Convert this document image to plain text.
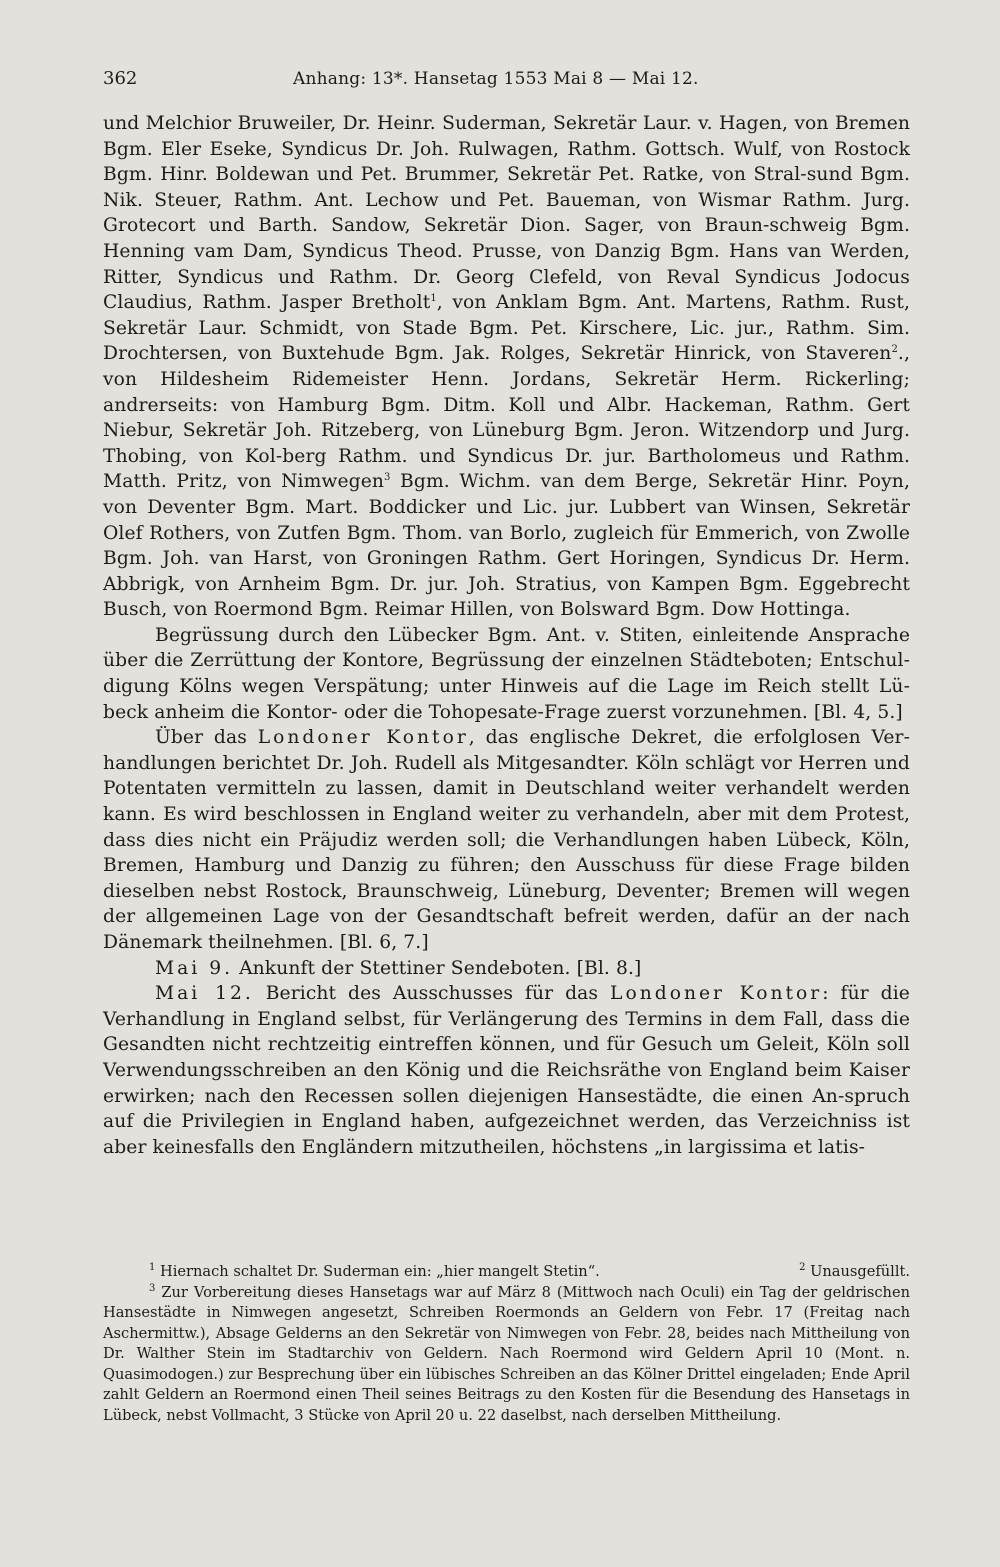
362	Anhang: 13*. Hansetag 1553 Mai 8 — Mai 12.

und Melchior Bruweiler, Dr. Heinr. Suderman, Sekretär Laur. v. Hagen, von Bremen Bgm. Eler Eseke, Syndicus Dr. Joh. Rulwagen, Rathm. Gottsch. Wulf, von Rostock Bgm. Hinr. Boldewan und Pet. Brummer, Sekretär Pet. Ratke, von Stral-sund Bgm. Nik. Steuer, Rathm. Ant. Lechow und Pet. Baueman, von Wismar Rathm. Jurg. Grotecort und Barth. Sandow, Sekretär Dion. Sager, von Braun-schweig Bgm. Henning vam Dam, Syndicus Theod. Prusse, von Danzig Bgm. Hans van Werden, Ritter, Syndicus und Rathm. Dr. Georg Clefeld, von Reval Syndicus Jodocus Claudius, Rathm. Jasper Bretholt$^1$, von Anklam Bgm. Ant. Martens, Rathm. Rust, Sekretär Laur. Schmidt, von Stade Bgm. Pet. Kirschere, Lic. jur., Rathm. Sim. Drochtersen, von Buxtehude Bgm. Jak. Rolges, Sekretär Hinrick, von Staveren$^2$., von Hildesheim Ridemeister Henn. Jordans, Sekretär Herm. Rickerling; andrerseits: von Hamburg Bgm. Ditm. Koll und Albr. Hackeman, Rathm. Gert Niebur, Sekretär Joh. Ritzeberg, von Lüneburg Bgm. Jeron. Witzendorp und Jurg. Thobing, von Kol-berg Rathm. und Syndicus Dr. jur. Bartholomeus und Rathm. Matth. Pritz, von Nimwegen$^3$ Bgm. Wichm. van dem Berge, Sekretär Hinr. Poyn, von Deventer Bgm. Mart. Boddicker und Lic. jur. Lubbert van Winsen, Sekretär Olef Rothers, von Zutfen Bgm. Thom. van Borlo, zugleich für Emmerich, von Zwolle Bgm. Joh. van Harst, von Groningen Rathm. Gert Horingen, Syndicus Dr. Herm. Abbrigk, von Arnheim Bgm. Dr. jur. Joh. Stratius, von Kampen Bgm. Eggebrecht Busch, von Roermond Bgm. Reimar Hillen, von Bolsward Bgm. Dow Hottinga.

Begrüssung durch den Lübecker Bgm. Ant. v. Stiten, einleitende Ansprache über die Zerrüttung der Kontore, Begrüssung der einzelnen Städteboten; Entschul-digung Kölns wegen Verspätung; unter Hinweis auf die Lage im Reich stellt Lü-beck anheim die Kontor- oder die Tohopesate-Frage zuerst vorzunehmen. [Bl. 4, 5.]

Über das Londoner Kontor, das englische Dekret, die erfolglosen Ver-handlungen berichtet Dr. Joh. Rudell als Mitgesandter. Köln schlägt vor Herren und Potentaten vermitteln zu lassen, damit in Deutschland weiter verhandelt werden kann. Es wird beschlossen in England weiter zu verhandeln, aber mit dem Protest, dass dies nicht ein Präjudiz werden soll; die Verhandlungen haben Lübeck, Köln, Bremen, Hamburg und Danzig zu führen; den Ausschuss für diese Frage bilden dieselben nebst Rostock, Braunschweig, Lüneburg, Deventer; Bremen will wegen der allgemeinen Lage von der Gesandtschaft befreit werden, dafür an der nach Dänemark theilnehmen. [Bl. 6, 7.]

Mai 9. Ankunft der Stettiner Sendeboten. [Bl. 8.]

Mai 12. Bericht des Ausschusses für das Londoner Kontor: für die Verhandlung in England selbst, für Verlängerung des Termins in dem Fall, dass die Gesandten nicht rechtzeitig eintreffen können, und für Gesuch um Geleit, Köln soll Verwendungsschreiben an den König und die Reichsräthe von England beim Kaiser erwirken; nach den Recessen sollen diejenigen Hansestädte, die einen An-spruch auf die Privilegien in England haben, aufgezeichnet werden, das Verzeichniss ist aber keinesfalls den Engländern mitzutheilen, höchstens „in largissima et latis-

$^1$ Hiernach schaltet Dr. Suderman ein: „hier mangelt Stetin“.	$^2$ Unausgefüllt.

$^3$ Zur Vorbereitung dieses Hansetags war auf März 8 (Mittwoch nach Oculi) ein Tag der geldrischen Hansestädte in Nimwegen angesetzt, Schreiben Roermonds an Geldern von Febr. 17 (Freitag nach Aschermittw.), Absage Gelderns an den Sekretär von Nimwegen von Febr. 28, beides nach Mittheilung von Dr. Walther Stein im Stadtarchiv von Geldern. Nach Roermond wird Geldern April 10 (Mont. n. Quasimodogen.) zur Besprechung über ein lübisches Schreiben an das Kölner Drittel eingeladen; Ende April zahlt Geldern an Roermond einen Theil seines Beitrags zu den Kosten für die Besendung des Hansetags in Lübeck, nebst Vollmacht, 3 Stücke von April 20 u. 22 daselbst, nach derselben Mittheilung.
